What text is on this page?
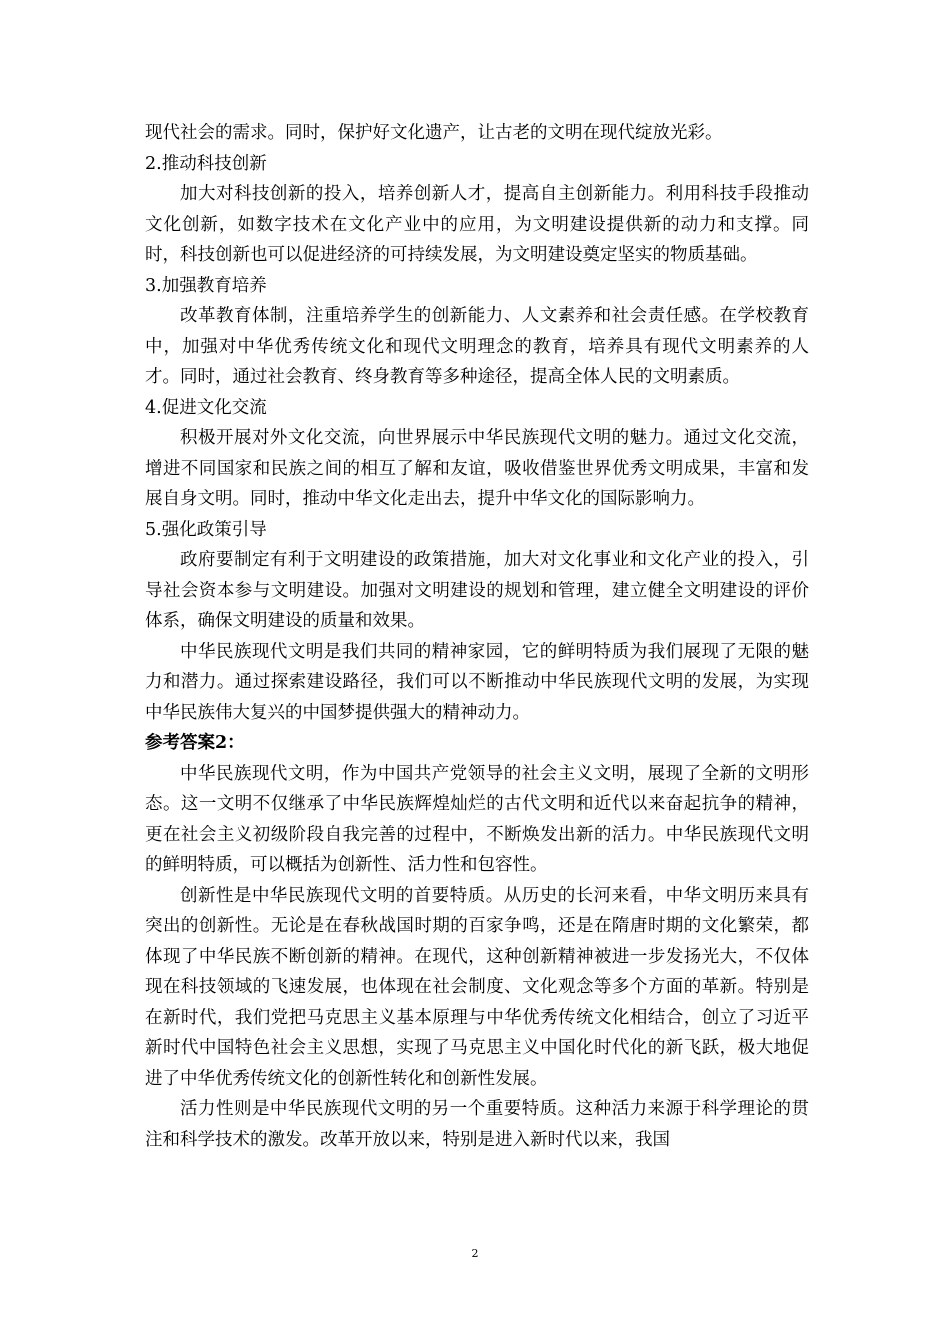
现代社会的需求。同时，保护好文化遗产，让古老的文明在现代绽放光彩。

2.推动科技创新

加大对科技创新的投入，培养创新人才，提高自主创新能力。利用科技手段推动文化创新，如数字技术在文化产业中的应用，为文明建设提供新的动力和支撑。同时，科技创新也可以促进经济的可持续发展，为文明建设奠定坚实的物质基础。

3.加强教育培养

改革教育体制，注重培养学生的创新能力、人文素养和社会责任感。在学校教育中，加强对中华优秀传统文化和现代文明理念的教育，培养具有现代文明素养的人才。同时，通过社会教育、终身教育等多种途径，提高全体人民的文明素质。

4.促进文化交流

积极开展对外文化交流，向世界展示中华民族现代文明的魅力。通过文化交流，增进不同国家和民族之间的相互了解和友谊，吸收借鉴世界优秀文明成果，丰富和发展自身文明。同时，推动中华文化走出去，提升中华文化的国际影响力。

5.强化政策引导

政府要制定有利于文明建设的政策措施，加大对文化事业和文化产业的投入，引导社会资本参与文明建设。加强对文明建设的规划和管理，建立健全文明建设的评价体系，确保文明建设的质量和效果。

中华民族现代文明是我们共同的精神家园，它的鲜明特质为我们展现了无限的魅力和潜力。通过探索建设路径，我们可以不断推动中华民族现代文明的发展，为实现中华民族伟大复兴的中国梦提供强大的精神动力。

参考答案2：

中华民族现代文明，作为中国共产党领导的社会主义文明，展现了全新的文明形态。这一文明不仅继承了中华民族辉煌灿烂的古代文明和近代以来奋起抗争的精神，更在社会主义初级阶段自我完善的过程中，不断焕发出新的活力。中华民族现代文明的鲜明特质，可以概括为创新性、活力性和包容性。

创新性是中华民族现代文明的首要特质。从历史的长河来看，中华文明历来具有突出的创新性。无论是在春秋战国时期的百家争鸣，还是在隋唐时期的文化繁荣，都体现了中华民族不断创新的精神。在现代，这种创新精神被进一步发扬光大，不仅体现在科技领域的飞速发展，也体现在社会制度、文化观念等多个方面的革新。特别是在新时代，我们党把马克思主义基本原理与中华优秀传统文化相结合，创立了习近平新时代中国特色社会主义思想，实现了马克思主义中国化时代化的新飞跃，极大地促进了中华优秀传统文化的创新性转化和创新性发展。

活力性则是中华民族现代文明的另一个重要特质。这种活力来源于科学理论的贯注和科学技术的激发。改革开放以来，特别是进入新时代以来，我国

2
